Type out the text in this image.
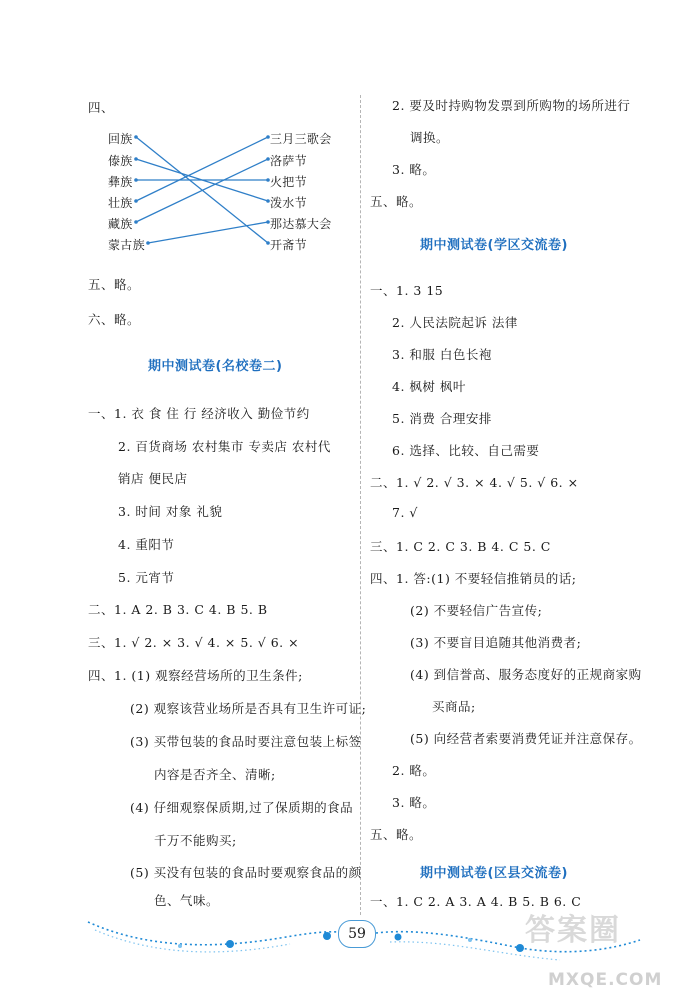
四、
回族
傣族
彝族
壮族
藏族
蒙古族
三月三歌会
洛萨节
火把节
泼水节
那达慕大会
开斋节
五、略。
六、略。
期中测试卷(名校卷二)
一、1. 衣 食 住 行 经济收入 勤俭节约
2. 百货商场 农村集市 专卖店 农村代
销店 便民店
3. 时间 对象 礼貌
4. 重阳节
5. 元宵节
二、1. A 2. B 3. C 4. B 5. B
三、1. √ 2. × 3. √ 4. × 5. √ 6. ×
四、1. (1) 观察经营场所的卫生条件;
(2) 观察该营业场所是否具有卫生许可证;
(3) 买带包装的食品时要注意包装上标签
内容是否齐全、清晰;
(4) 仔细观察保质期,过了保质期的食品
千万不能购买;
(5) 买没有包装的食品时要观察食品的颜
色、气味。
2. 要及时持购物发票到所购物的场所进行
调换。
3. 略。
五、略。
期中测试卷(学区交流卷)
一、1. 3 15
2. 人民法院起诉 法律
3. 和服 白色长袍
4. 枫树 枫叶
5. 消费 合理安排
6. 选择、比较、自己需要
二、1. √ 2. √ 3. × 4. √ 5. √ 6. ×
7. √
三、1. C 2. C 3. B 4. C 5. C
四、1. 答:(1) 不要轻信推销员的话;
(2) 不要轻信广告宣传;
(3) 不要盲目追随其他消费者;
(4) 到信誉高、服务态度好的正规商家购
买商品;
(5) 向经营者索要消费凭证并注意保存。
2. 略。
3. 略。
五、略。
期中测试卷(区县交流卷)
一、1. C 2. A 3. A 4. B 5. B 6. C
59	答案圈
MXQE.COM
